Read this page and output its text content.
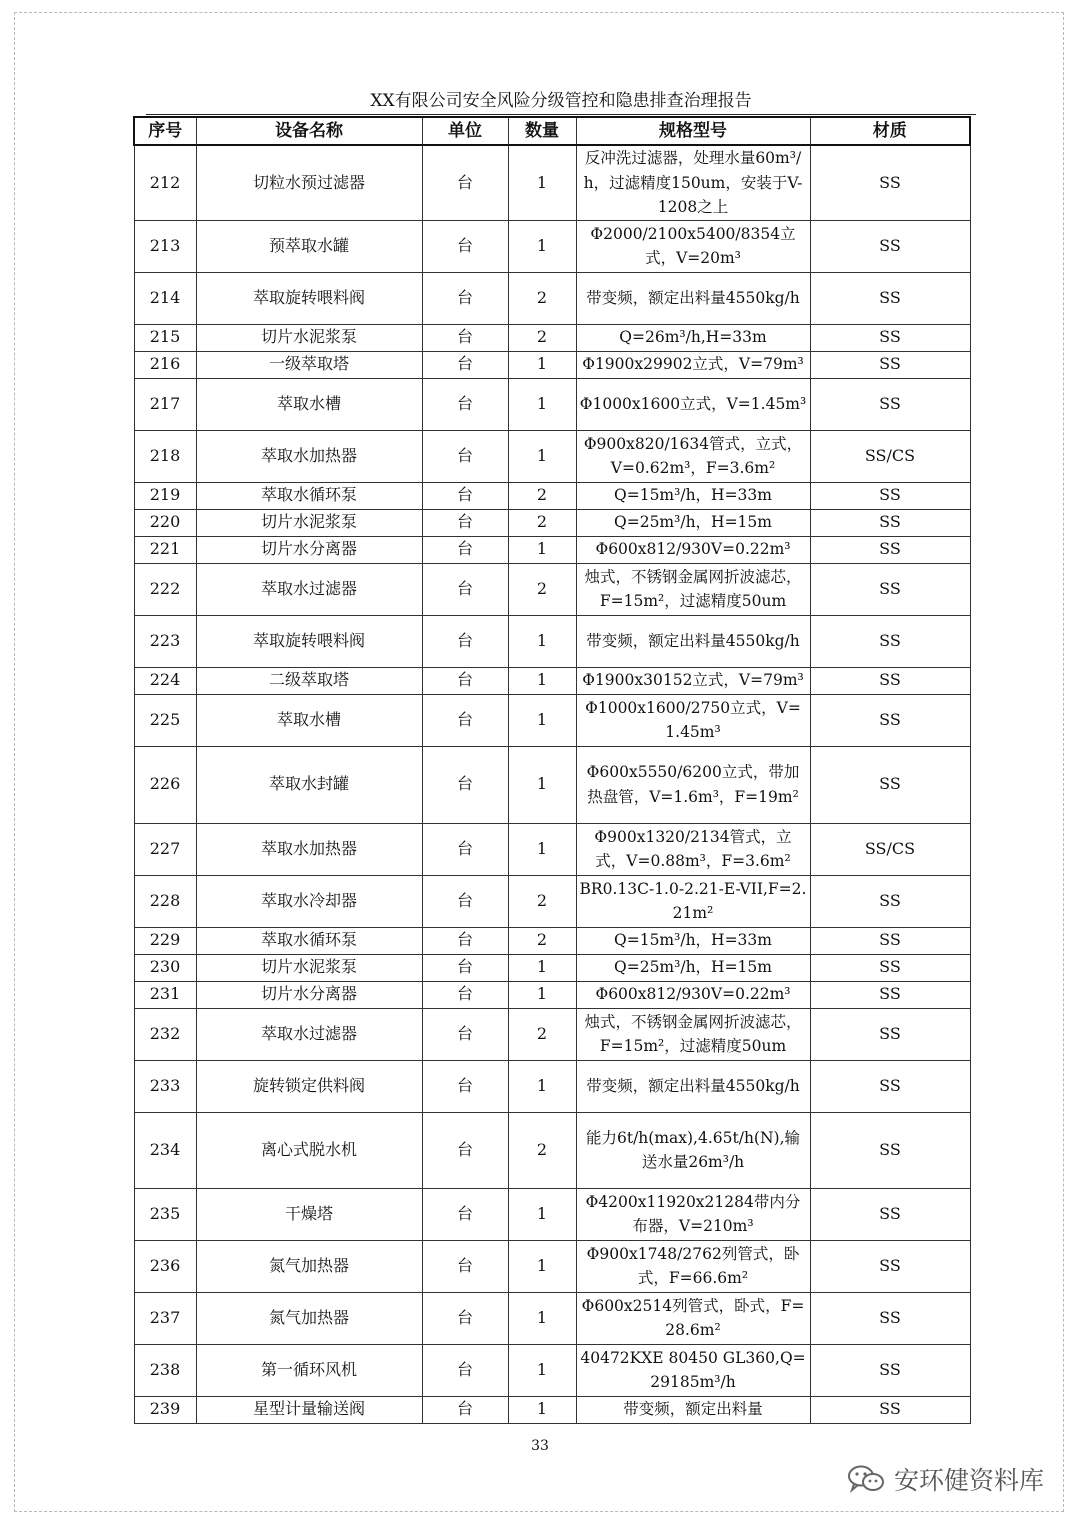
XX有限公司安全风险分级管控和隐患排查治理报告
序号	设备名称	单位	数量	规格型号	材质
212	切粒水预过滤器	台	1	反冲洗过滤器，处理水量60m³/h，过滤精度150um，安装于V-1208之上	SS
213	预萃取水罐	台	1	Φ2000/2100x5400/8354立式，V=20m³	SS
214	萃取旋转喂料阀	台	2	带变频，额定出料量4550kg/h	SS
215	切片水泥浆泵	台	2	Q=26m³/h,H=33m	SS
216	一级萃取塔	台	1	Φ1900x29902立式，V=79m³	SS
217	萃取水槽	台	1	Φ1000x1600立式，V=1.45m³	SS
218	萃取水加热器	台	1	Φ900x820/1634管式，立式，V=0.62m³，F=3.6m²	SS/CS
219	萃取水循环泵	台	2	Q=15m³/h，H=33m	SS
220	切片水泥浆泵	台	2	Q=25m³/h，H=15m	SS
221	切片水分离器	台	1	Φ600x812/930V=0.22m³	SS
222	萃取水过滤器	台	2	烛式，不锈钢金属网折波滤芯，F=15m²，过滤精度50um	SS
223	萃取旋转喂料阀	台	1	带变频，额定出料量4550kg/h	SS
224	二级萃取塔	台	1	Φ1900x30152立式，V=79m³	SS
225	萃取水槽	台	1	Φ1000x1600/2750立式，V=1.45m³	SS
226	萃取水封罐	台	1	Φ600x5550/6200立式，带加热盘管，V=1.6m³，F=19m²	SS
227	萃取水加热器	台	1	Φ900x1320/2134管式，立式，V=0.88m³，F=3.6m²	SS/CS
228	萃取水冷却器	台	2	BR0.13C-1.0-2.21-E-VII,F=2.21m²	SS
229	萃取水循环泵	台	2	Q=15m³/h，H=33m	SS
230	切片水泥浆泵	台	1	Q=25m³/h，H=15m	SS
231	切片水分离器	台	1	Φ600x812/930V=0.22m³	SS
232	萃取水过滤器	台	2	烛式，不锈钢金属网折波滤芯，F=15m²，过滤精度50um	SS
233	旋转锁定供料阀	台	1	带变频，额定出料量4550kg/h	SS
234	离心式脱水机	台	2	能力6t/h(max),4.65t/h(N),输送水量26m³/h	SS
235	干燥塔	台	1	Φ4200x11920x21284带内分布器，V=210m³	SS
236	氮气加热器	台	1	Φ900x1748/2762列管式，卧式，F=66.6m²	SS
237	氮气加热器	台	1	Φ600x2514列管式，卧式，F=28.6m²	SS
238	第一循环风机	台	1	40472KXE 80450 GL360,Q=29185m³/h	SS
239	星型计量输送阀	台	1	带变频，额定出料量	SS
33
安环健资料库
